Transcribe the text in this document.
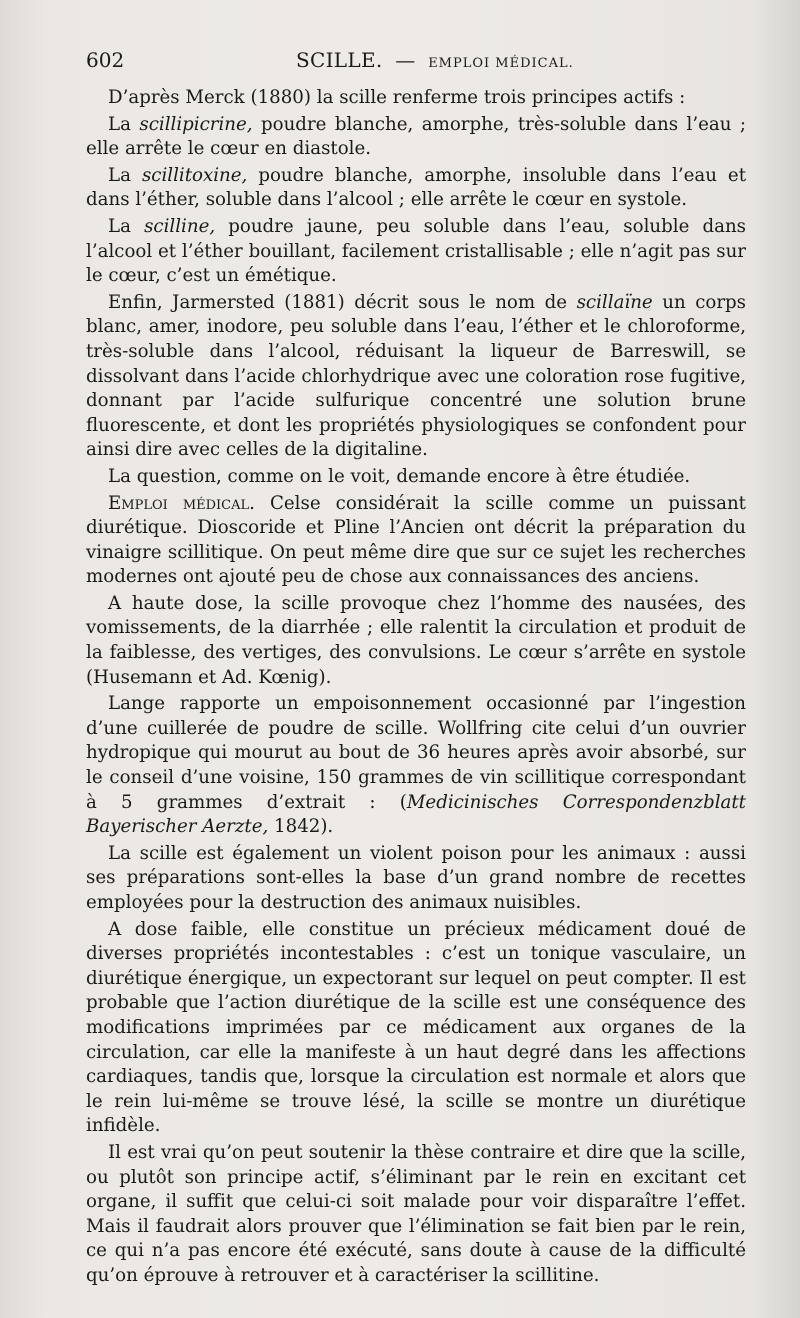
602	SCILLE. — EMPLOI MÉDICAL.

D’après Merck (1880) la scille renferme trois principes actifs :

La scillipicrine, poudre blanche, amorphe, très-soluble dans l’eau ; elle arrête le cœur en diastole.

La scillitoxine, poudre blanche, amorphe, insoluble dans l’eau et dans l’éther, soluble dans l’alcool ; elle arrête le cœur en systole.

La scilline, poudre jaune, peu soluble dans l’eau, soluble dans l’alcool et l’éther bouillant, facilement cristallisable ; elle n’agit pas sur le cœur, c’est un émétique.

Enfin, Jarmersted (1881) décrit sous le nom de scillaïne un corps blanc, amer, inodore, peu soluble dans l’eau, l’éther et le chloroforme, très-soluble dans l’alcool, réduisant la liqueur de Barreswill, se dissolvant dans l’acide chlorhydrique avec une coloration rose fugitive, donnant par l’acide sulfurique concentré une solution brune fluorescente, et dont les propriétés physiologiques se confondent pour ainsi dire avec celles de la digitaline.

La question, comme on le voit, demande encore à être étudiée.

Emploi médical. Celse considérait la scille comme un puissant diurétique. Dioscoride et Pline l’Ancien ont décrit la préparation du vinaigre scillitique. On peut même dire que sur ce sujet les recherches modernes ont ajouté peu de chose aux connaissances des anciens.

A haute dose, la scille provoque chez l’homme des nausées, des vomissements, de la diarrhée ; elle ralentit la circulation et produit de la faiblesse, des vertiges, des convulsions. Le cœur s’arrête en systole (Husemann et Ad. Kœnig).

Lange rapporte un empoisonnement occasionné par l’ingestion d’une cuillerée de poudre de scille. Wollfring cite celui d’un ouvrier hydropique qui mourut au bout de 36 heures après avoir absorbé, sur le conseil d’une voisine, 150 grammes de vin scillitique correspondant à 5 grammes d’extrait : (Medicinisches Correspondenzblatt Bayerischer Aerzte, 1842).

La scille est également un violent poison pour les animaux : aussi ses préparations sont-elles la base d’un grand nombre de recettes employées pour la destruction des animaux nuisibles.

A dose faible, elle constitue un précieux médicament doué de diverses propriétés incontestables : c’est un tonique vasculaire, un diurétique énergique, un expectorant sur lequel on peut compter. Il est probable que l’action diurétique de la scille est une conséquence des modifications imprimées par ce médicament aux organes de la circulation, car elle la manifeste à un haut degré dans les affections cardiaques, tandis que, lorsque la circulation est normale et alors que le rein lui-même se trouve lésé, la scille se montre un diurétique infidèle.

Il est vrai qu’on peut soutenir la thèse contraire et dire que la scille, ou plutôt son principe actif, s’éliminant par le rein en excitant cet organe, il suffit que celui-ci soit malade pour voir disparaître l’effet. Mais il faudrait alors prouver que l’élimination se fait bien par le rein, ce qui n’a pas encore été exécuté, sans doute à cause de la difficulté qu’on éprouve à retrouver et à caractériser la scillitine.
